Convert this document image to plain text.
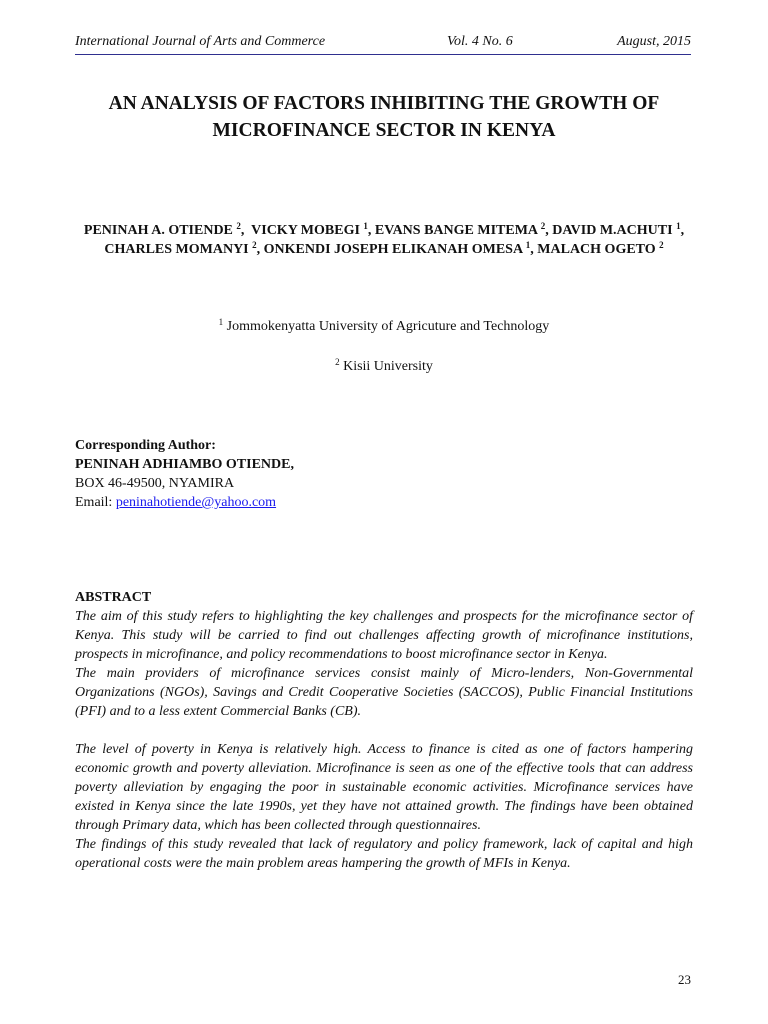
International Journal of Arts and Commerce	Vol. 4 No. 6	August, 2015
AN ANALYSIS OF FACTORS INHIBITING THE GROWTH OF
MICROFINANCE SECTOR IN KENYA
PENINAH A. OTIENDE $^2$,  VICKY MOBEGI $^1$, EVANS BANGE MITEMA $^2$, DAVID M.ACHUTI $^1$,
CHARLES MOMANYI $^2$, ONKENDI JOSEPH ELIKANAH OMESA $^1$, MALACH OGETO $^2$
$^1$ Jommokenyatta University of Agricuture and Technology
$^2$ Kisii University
Corresponding Author:
PENINAH ADHIAMBO OTIENDE,
BOX 46-49500, NYAMIRA
Email: peninahotiende@yahoo.com
ABSTRACT

The aim of this study refers to highlighting the key challenges and prospects for the microfinance sector of Kenya. This study will be carried to find out challenges affecting growth of microfinance institutions, prospects in microfinance, and policy recommendations to boost microfinance sector in Kenya.

The main providers of microfinance services consist mainly of Micro-lenders, Non-Governmental Organizations (NGOs), Savings and Credit Cooperative Societies (SACCOS), Public Financial Institutions (PFI) and to a less extent Commercial Banks (CB).

The level of poverty in Kenya is relatively high. Access to finance is cited as one of factors hampering economic growth and poverty alleviation. Microfinance is seen as one of the effective tools that can address poverty alleviation by engaging the poor in sustainable economic activities. Microfinance services have existed in Kenya since the late 1990s, yet they have not attained growth. The findings have been obtained through Primary data, which has been collected through questionnaires.

The findings of this study revealed that lack of regulatory and policy framework, lack of capital and high operational costs were the main problem areas hampering the growth of MFIs in Kenya.

23
